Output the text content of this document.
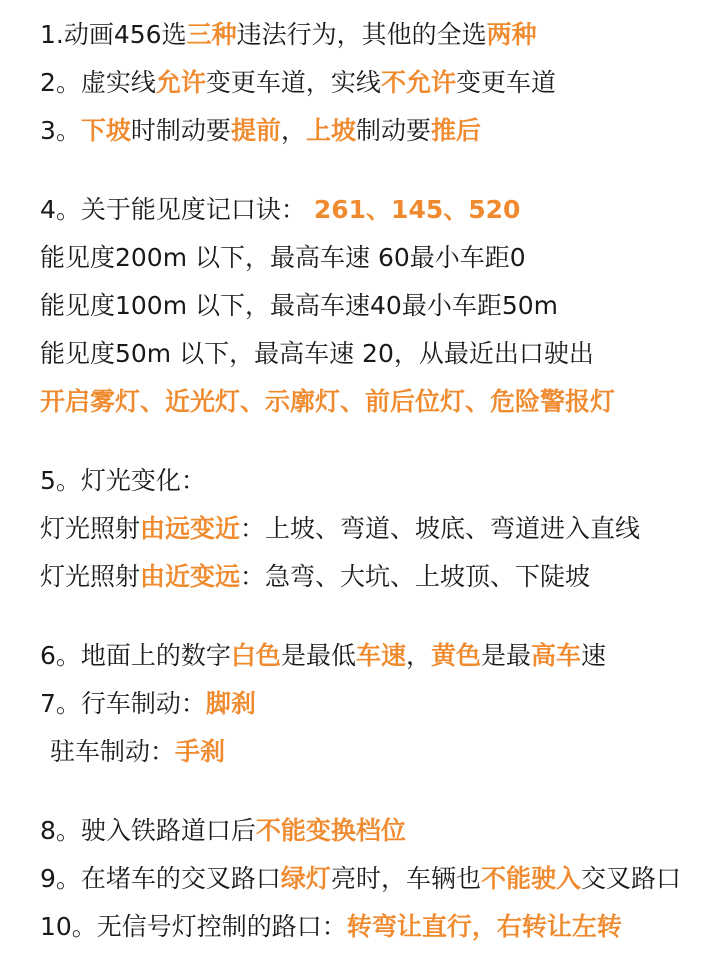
1.动画456选三种违法行为，其他的全选两种
2。虚实线允许变更车道，实线不允许变更车道
3。下坡时制动要提前，上坡制动要推后
4。关于能见度记口诀： 261、145、520
能见度200m 以下，最高车速 60最小车距0
能见度100m 以下，最高车速40最小车距50m
能见度50m 以下，最高车速 20，从最近出口驶出
开启雾灯、近光灯、示廓灯、前后位灯、危险警报灯
5。灯光变化：
灯光照射由远变近：上坡、弯道、坡底、弯道进入直线
灯光照射由近变远：急弯、大坑、上坡顶、下陡坡
6。地面上的数字白色是最低车速，黄色是最高车速
7。行车制动：脚刹
驻车制动：手刹
8。驶入铁路道口后不能变换档位
9。在堵车的交叉路口绿灯亮时，车辆也不能驶入交叉路口
10。无信号灯控制的路口：转弯让直行，右转让左转
